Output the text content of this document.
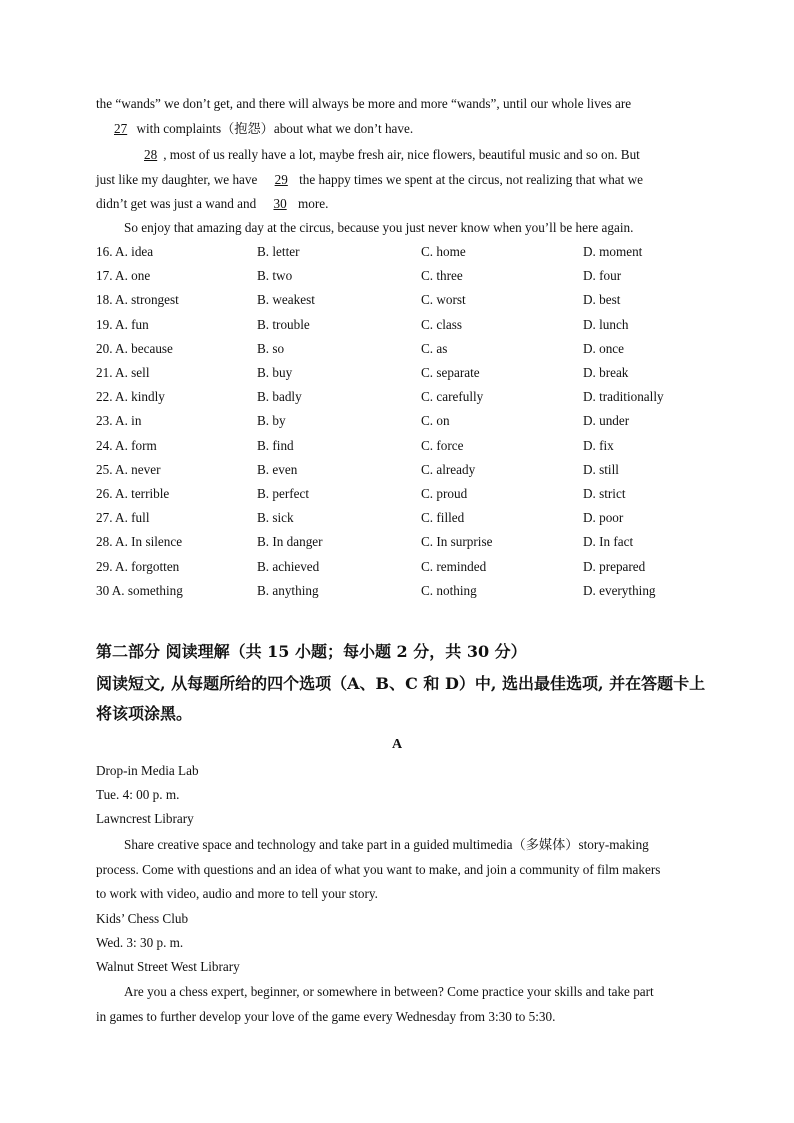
the “wands” we don’t get, and there will always be more and more “wands”, until our whole lives are
27 with complaints（抱怨）about what we don’t have.
28 , most of us really have a lot, maybe fresh air, nice flowers, beautiful music and so on. But
just like my daughter, we have 29 the happy times we spent at the circus, not realizing that what we
didn’t get was just a wand and 30 more.
So enjoy that amazing day at the circus, because you just never know when you’ll be here again.
16. A. idea	B. letter	C. home	D. moment
17. A. one	B. two	C. three	D. four
18. A. strongest	B. weakest	C. worst	D. best
19. A. fun	B. trouble	C. class	D. lunch
20. A. because	B. so	C. as	D. once
21. A. sell	B. buy	C. separate	D. break
22. A. kindly	B. badly	C. carefully	D. traditionally
23. A. in	B. by	C. on	D. under
24. A. form	B. find	C. force	D. fix
25. A. never	B. even	C. already	D. still
26. A. terrible	B. perfect	C. proud	D. strict
27. A. full	B. sick	C. filled	D. poor
28. A. In silence	B. In danger	C. In surprise	D. In fact
29. A. forgotten	B. achieved	C. reminded	D. prepared
30 A. something	B. anything	C. nothing	D. everything
第二部分 阅读理解（共 15 小题；每小题 2 分，共 30 分）
阅读短文, 从每题所给的四个选项（A、B、C 和 D）中, 选出最佳选项, 并在答题卡上
将该项涂黑。
A
Drop-in Media Lab
Tue. 4: 00 p. m.
Lawncrest Library
Share creative space and technology and take part in a guided multimedia（多媒体）story-making
process. Come with questions and an idea of what you want to make, and join a community of film makers
to work with video, audio and more to tell your story.
Kids’ Chess Club
Wed. 3: 30 p. m.
Walnut Street West Library
Are you a chess expert, beginner, or somewhere in between? Come practice your skills and take part
in games to further develop your love of the game every Wednesday from 3:30 to 5:30.
